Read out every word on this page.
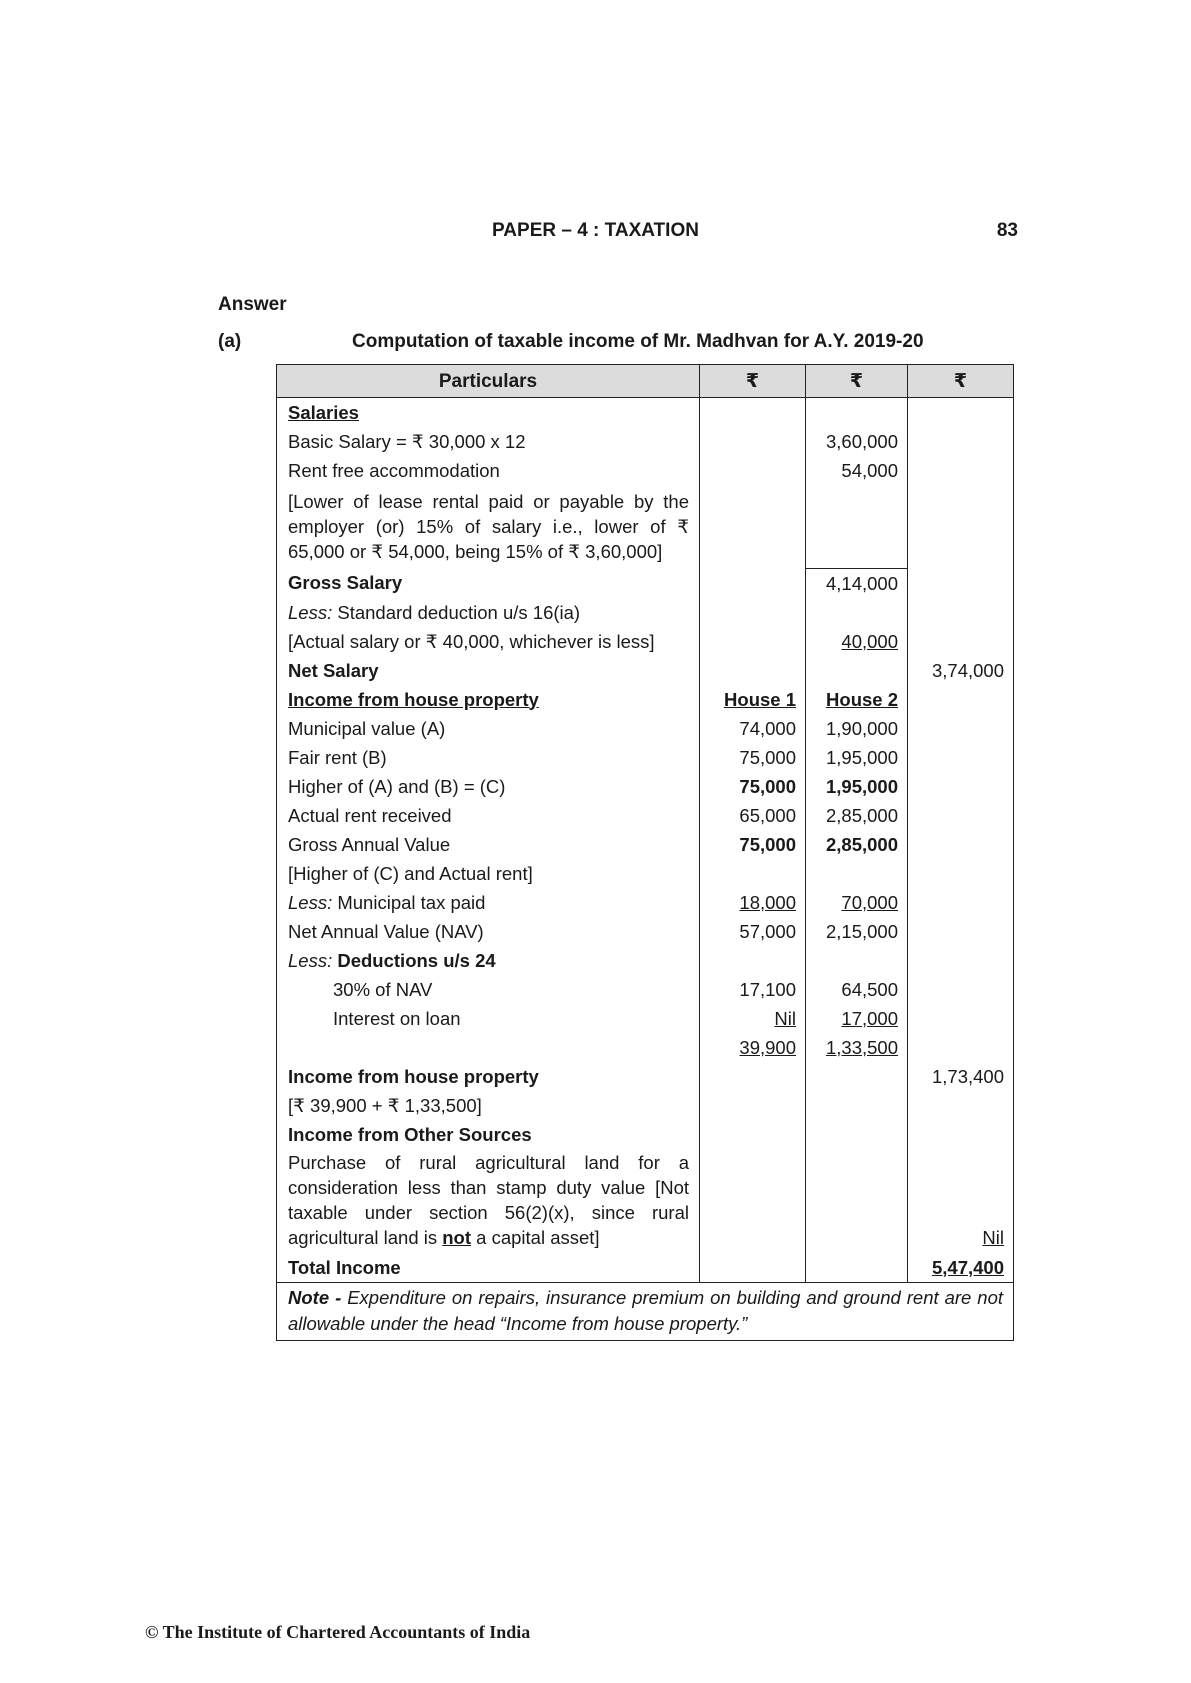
PAPER – 4 : TAXATION	83
Answer
(a)	Computation of taxable income of Mr. Madhvan for A.Y. 2019-20
Particulars	₹	₹	₹
Salaries			
Basic Salary = ₹ 30,000 x 12		3,60,000	
Rent free accommodation		54,000	
[Lower of lease rental paid or payable by the employer (or) 15% of salary i.e., lower of ₹ 65,000 or ₹ 54,000, being 15% of ₹ 3,60,000]			
Gross Salary		4,14,000	
Less: Standard deduction u/s 16(ia)			
[Actual salary or ₹ 40,000, whichever is less]		40,000	
Net Salary			3,74,000
Income from house property	House 1	House 2	
Municipal value (A)	74,000	1,90,000	
Fair rent (B)	75,000	1,95,000	
Higher of (A) and (B) = (C)	75,000	1,95,000	
Actual rent received	65,000	2,85,000	
Gross Annual Value	75,000	2,85,000	
[Higher of (C) and Actual rent]			
Less: Municipal tax paid	18,000	70,000	
Net Annual Value (NAV)	57,000	2,15,000	
Less: Deductions u/s 24			
30% of NAV	17,100	64,500	
Interest on loan	Nil	17,000	
	39,900	1,33,500	
Income from house property			1,73,400
[₹ 39,900 + ₹ 1,33,500]			
Income from Other Sources			
Purchase of rural agricultural land for a consideration less than stamp duty value [Not taxable under section 56(2)(x), since rural agricultural land is not a capital asset]			Nil
Total Income			5,47,400
Note - Expenditure on repairs, insurance premium on building and ground rent are not allowable under the head “Income from house property.”			
© The Institute of Chartered Accountants of India
